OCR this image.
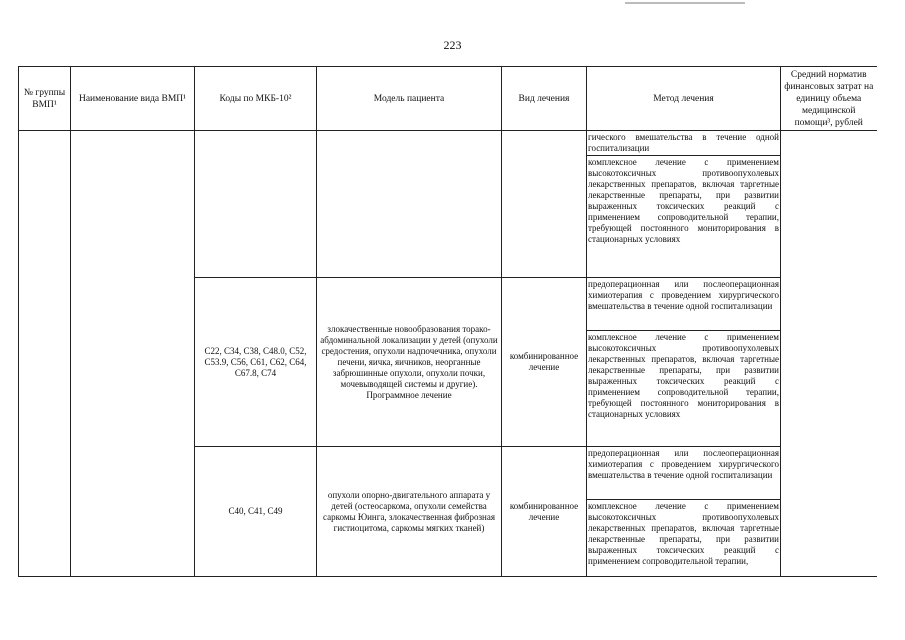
223
№ группы ВМП¹	Наименование вида ВМП¹	Коды по МКБ-10²	Модель пациента	Вид лечения	Метод лечения	Средний норматив финансовых затрат на единицу объема медицинской помощи³, рублей
					гического вмешательства в течение одной госпитализации	
					комплексное лечение с применением высокотоксичных противоопухолевых лекарственных препаратов, включая таргетные лекарственные препараты, при развитии выраженных токсических реакций с применением сопроводительной терапии, требующей постоянного мониторирования в стационарных условиях	
		C22, C34, C38, C48.0, C52, C53.9, C56, C61, C62, C64, C67.8, C74	злокачественные новообразования торако-абдоминальной локализации у детей (опухоли средостения, опухоли надпочечника, опухоли печени, яичка, яичников, неорганные забрюшинные опухоли, опухоли почки, мочевыводящей системы и другие). Программное лечение	комбинированное лечение	предоперационная или послеоперационная химиотерапия с проведением хирургического вмешательства в течение одной госпитализации	
					комплексное лечение с применением высокотоксичных противоопухолевых лекарственных препаратов, включая таргетные лекарственные препараты, при развитии выраженных токсических реакций с применением сопроводительной терапии, требующей постоянного мониторирования в стационарных условиях	
		C40, C41, C49	опухоли опорно-двигательного аппарата у детей (остеосаркома, опухоли семейства саркомы Юинга, злокачественная фиброзная гистиоцитома, саркомы мягких тканей)	комбинированное лечение	предоперационная или послеоперационная химиотерапия с проведением хирургического вмешательства в течение одной госпитализации	
					комплексное лечение с применением высокотоксичных противоопухолевых лекарственных препаратов, включая таргетные лекарственные препараты, при развитии выраженных токсических реакций с применением сопроводительной терапии,	
